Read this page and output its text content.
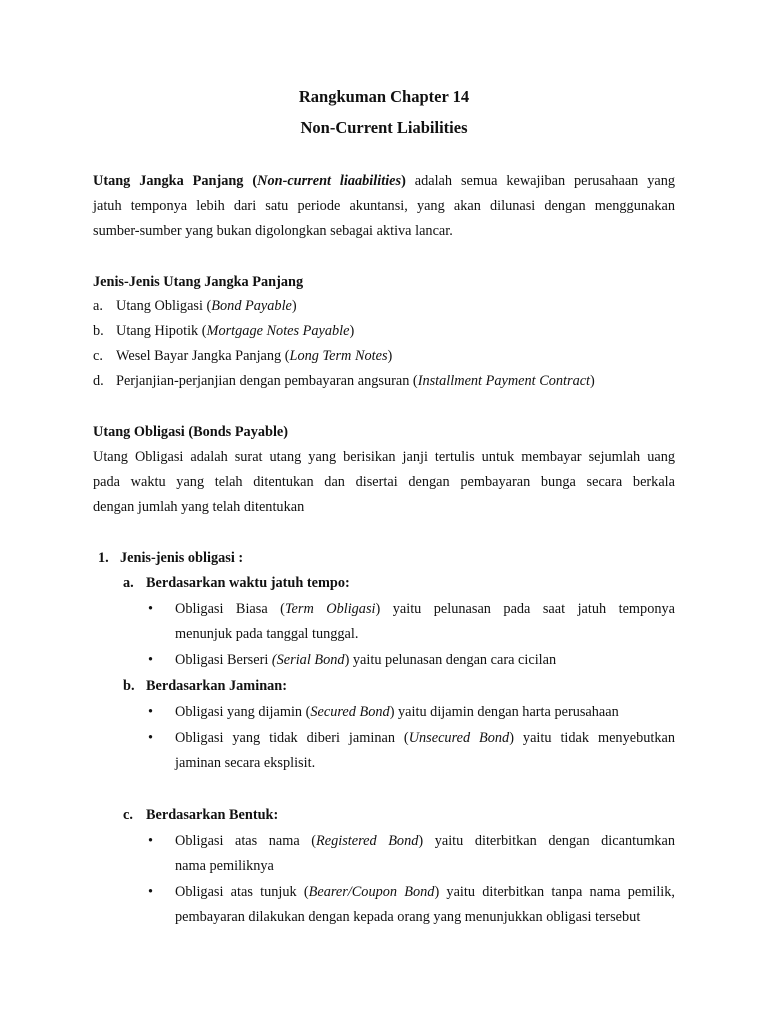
Rangkuman Chapter 14
Non-Current Liabilities
Utang Jangka Panjang (Non-current liaabilities) adalah semua kewajiban perusahaan yang
jatuh temponya lebih dari satu periode akuntansi, yang akan dilunasi dengan menggunakan
sumber-sumber yang bukan digolongkan sebagai aktiva lancar.
Jenis-Jenis Utang Jangka Panjang
a. Utang Obligasi (Bond Payable)
b. Utang Hipotik (Mortgage Notes Payable)
c. Wesel Bayar Jangka Panjang (Long Term Notes)
d. Perjanjian-perjanjian dengan pembayaran angsuran (Installment Payment Contract)
Utang Obligasi (Bonds Payable)
Utang Obligasi adalah surat utang yang berisikan janji tertulis untuk membayar sejumlah uang
pada waktu yang telah ditentukan dan disertai dengan pembayaran bunga secara berkala
dengan jumlah yang telah ditentukan
1. Jenis-jenis obligasi :
a. Berdasarkan waktu jatuh tempo:
• Obligasi Biasa (Term Obligasi) yaitu pelunasan pada saat jatuh temponya
menunjuk pada tanggal tunggal.
• Obligasi Berseri (Serial Bond) yaitu pelunasan dengan cara cicilan
b. Berdasarkan Jaminan:
• Obligasi yang dijamin (Secured Bond) yaitu dijamin dengan harta perusahaan
• Obligasi yang tidak diberi jaminan (Unsecured Bond) yaitu tidak menyebutkan
jaminan secara eksplisit.
c. Berdasarkan Bentuk:
• Obligasi atas nama (Registered Bond) yaitu diterbitkan dengan dicantumkan
nama pemiliknya
• Obligasi atas tunjuk (Bearer/Coupon Bond) yaitu diterbitkan tanpa nama pemilik,
pembayaran dilakukan dengan kepada orang yang menunjukkan obligasi tersebut
